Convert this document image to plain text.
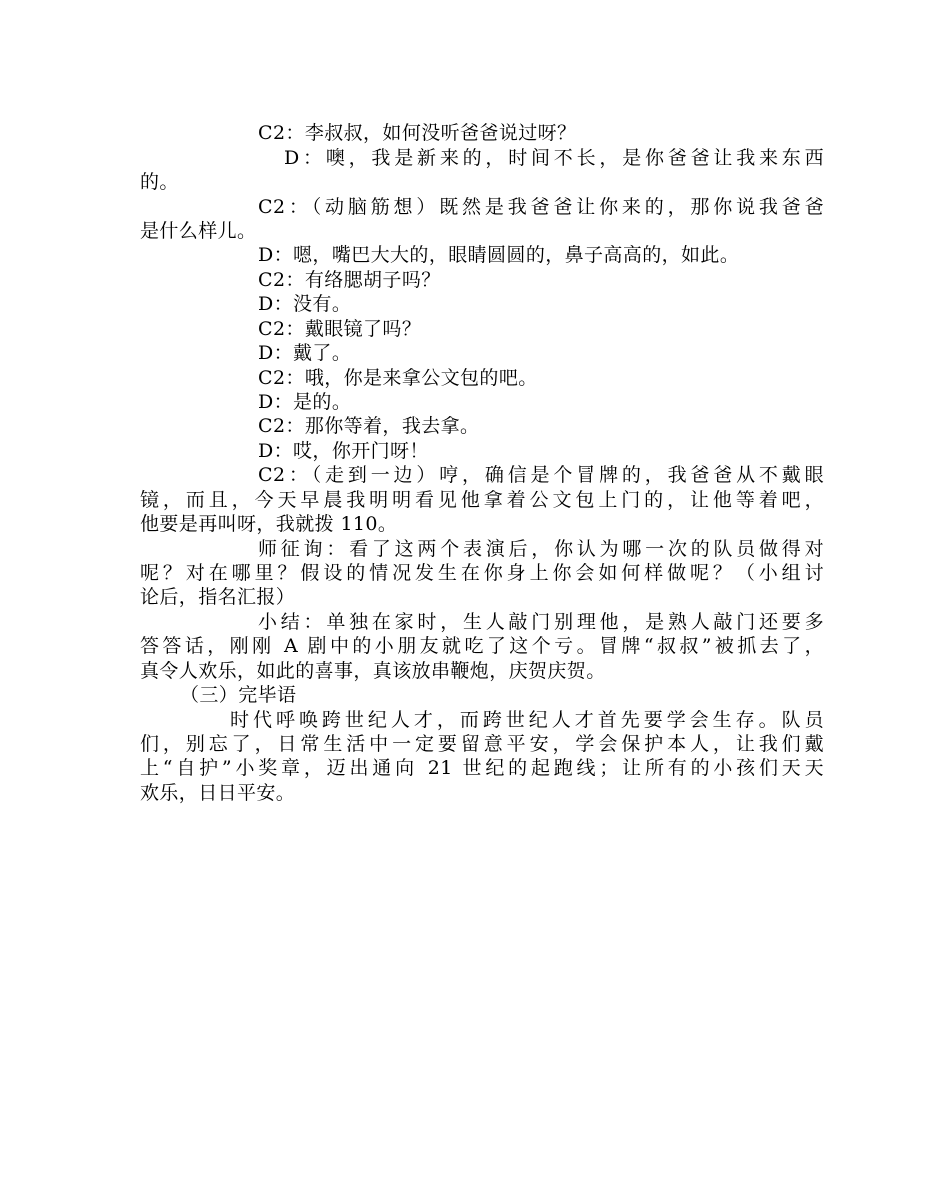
C2：李叔叔，如何没听爸爸说过呀？
D：噢，我是新来的，时间不长，是你爸爸让我来东西
的。
C2：（动脑筋想）既然是我爸爸让你来的，那你说我爸爸
是什么样儿。
D：嗯，嘴巴大大的，眼睛圆圆的，鼻子高高的，如此。
C2：有络腮胡子吗？
D：没有。
C2：戴眼镜了吗？
D：戴了。
C2：哦，你是来拿公文包的吧。
D：是的。
C2：那你等着，我去拿。
D：哎，你开门呀！
C2：（走到一边）哼，确信是个冒牌的，我爸爸从不戴眼
镜，而且，今天早晨我明明看见他拿着公文包上门的，让他等着吧，
他要是再叫呀，我就拨 110。
师征询：看了这两个表演后，你认为哪一次的队员做得对
呢？对在哪里？假设的情况发生在你身上你会如何样做呢？（小组讨
论后，指名汇报）
小结：单独在家时，生人敲门别理他，是熟人敲门还要多
答答话，刚刚 A 剧中的小朋友就吃了这个亏。冒牌“叔叔”被抓去了，
真令人欢乐，如此的喜事，真该放串鞭炮，庆贺庆贺。
（三）完毕语
时代呼唤跨世纪人才，而跨世纪人才首先要学会生存。队员
们，别忘了，日常生活中一定要留意平安，学会保护本人，让我们戴
上“自护”小奖章，迈出通向 21 世纪的起跑线；让所有的小孩们天天
欢乐，日日平安。
